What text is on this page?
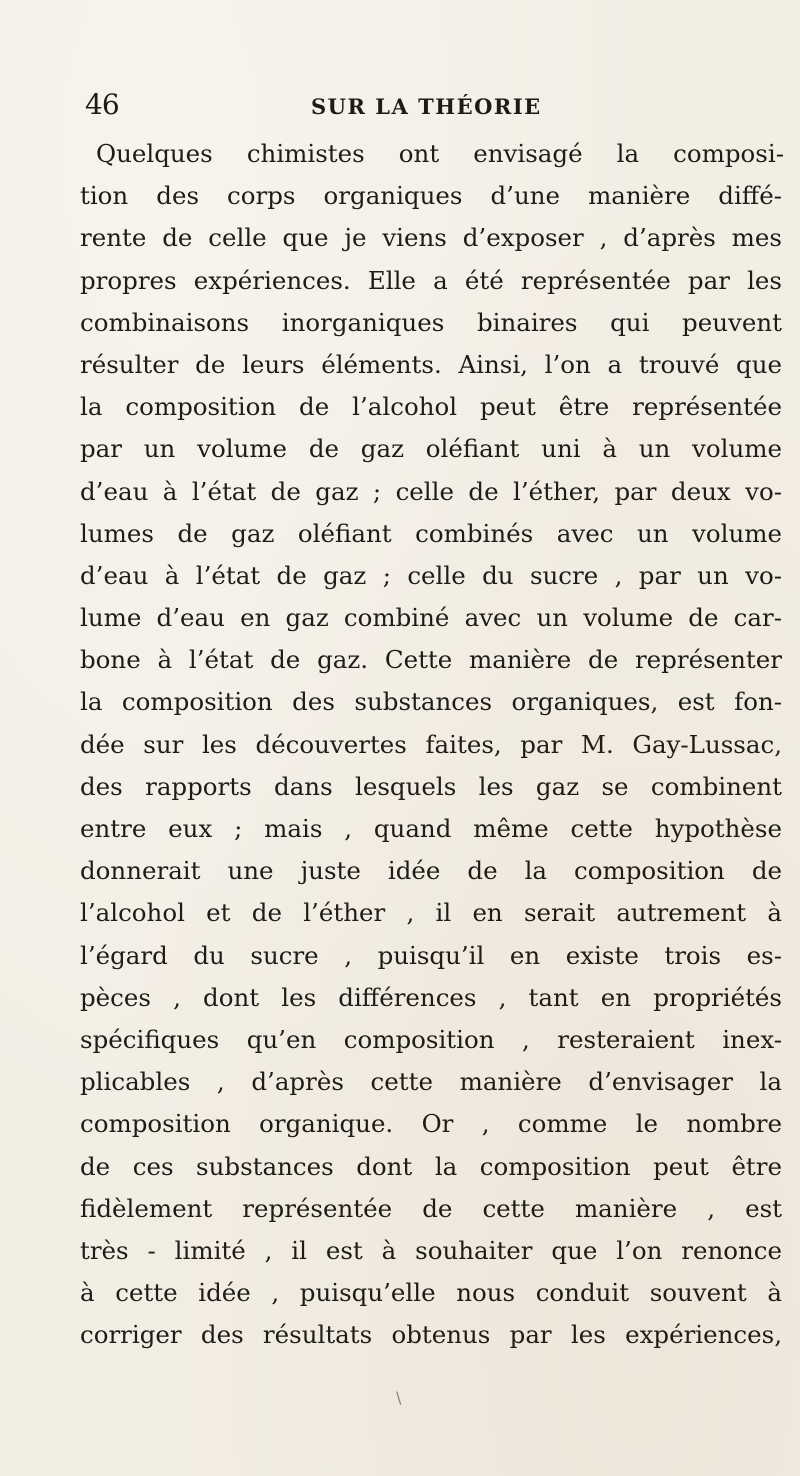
46	SUR LA THÉORIE
Quelques chimistes ont envisagé la composi-
tion des corps organiques d’une manière diffé-
rente de celle que je viens d’exposer , d’après mes
propres expériences. Elle a été représentée par les
combinaisons inorganiques binaires qui peuvent
résulter de leurs éléments. Ainsi, l’on a trouvé que
la composition de l’alcohol peut être représentée
par un volume de gaz oléfiant uni à un volume
d’eau à l’état de gaz ; celle de l’éther, par deux vo-
lumes de gaz oléfiant combinés avec un volume
d’eau à l’état de gaz ; celle du sucre , par un vo-
lume d’eau en gaz combiné avec un volume de car-
bone à l’état de gaz. Cette manière de représenter
la composition des substances organiques, est fon-
dée sur les découvertes faites, par M. Gay-Lussac,
des rapports dans lesquels les gaz se combinent
entre eux ; mais , quand même cette hypothèse
donnerait une juste idée de la composition de
l’alcohol et de l’éther , il en serait autrement à
l’égard du sucre , puisqu’il en existe trois es-
pèces , dont les différences , tant en propriétés
spécifiques qu’en composition , resteraient inex-
plicables , d’après cette manière d’envisager la
composition organique. Or , comme le nombre
de ces substances dont la composition peut être
fidèlement représentée de cette manière , est
très - limité , il est à souhaiter que l’on renonce
à cette idée , puisqu’elle nous conduit souvent à
corriger des résultats obtenus par les expériences,
\
